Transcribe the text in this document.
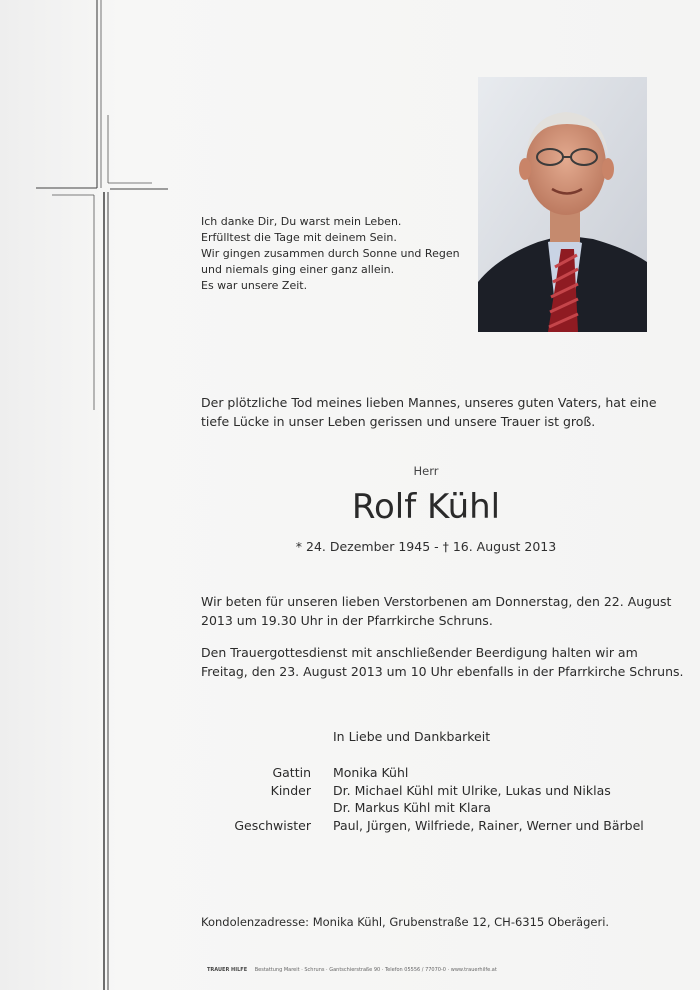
Ich danke Dir, Du warst mein Leben.
Erfülltest die Tage mit deinem Sein.
Wir gingen zusammen durch Sonne und Regen
und niemals ging einer ganz allein.
Es war unsere Zeit.
Der plötzliche Tod meines lieben Mannes, unseres guten Vaters, hat eine
tiefe Lücke in unser Leben gerissen und unsere Trauer ist groß.
Herr
Rolf Kühl
* 24. Dezember 1945 - † 16. August 2013
Wir beten für unseren lieben Verstorbenen am Donnerstag, den 22. August
2013 um 19.30 Uhr in der Pfarrkirche Schruns.
Den Trauergottesdienst mit anschließender Beerdigung halten wir am
Freitag, den 23. August 2013 um 10 Uhr ebenfalls in der Pfarrkirche Schruns.
In Liebe und Dankbarkeit
Gattin Monika Kühl
Kinder Dr. Michael Kühl mit Ulrike, Lukas und Niklas
Dr. Markus Kühl mit Klara
Geschwister Paul, Jürgen, Wilfriede, Rainer, Werner und Bärbel
Kondolenzadresse: Monika Kühl, Grubenstraße 12, CH-6315 Oberägeri.
TRAUER HILFE Bestattung Mareit · Schruns · Gantschierstraße 90 · Telefon 05556 / 77070-0 · www.trauerhilfe.at
